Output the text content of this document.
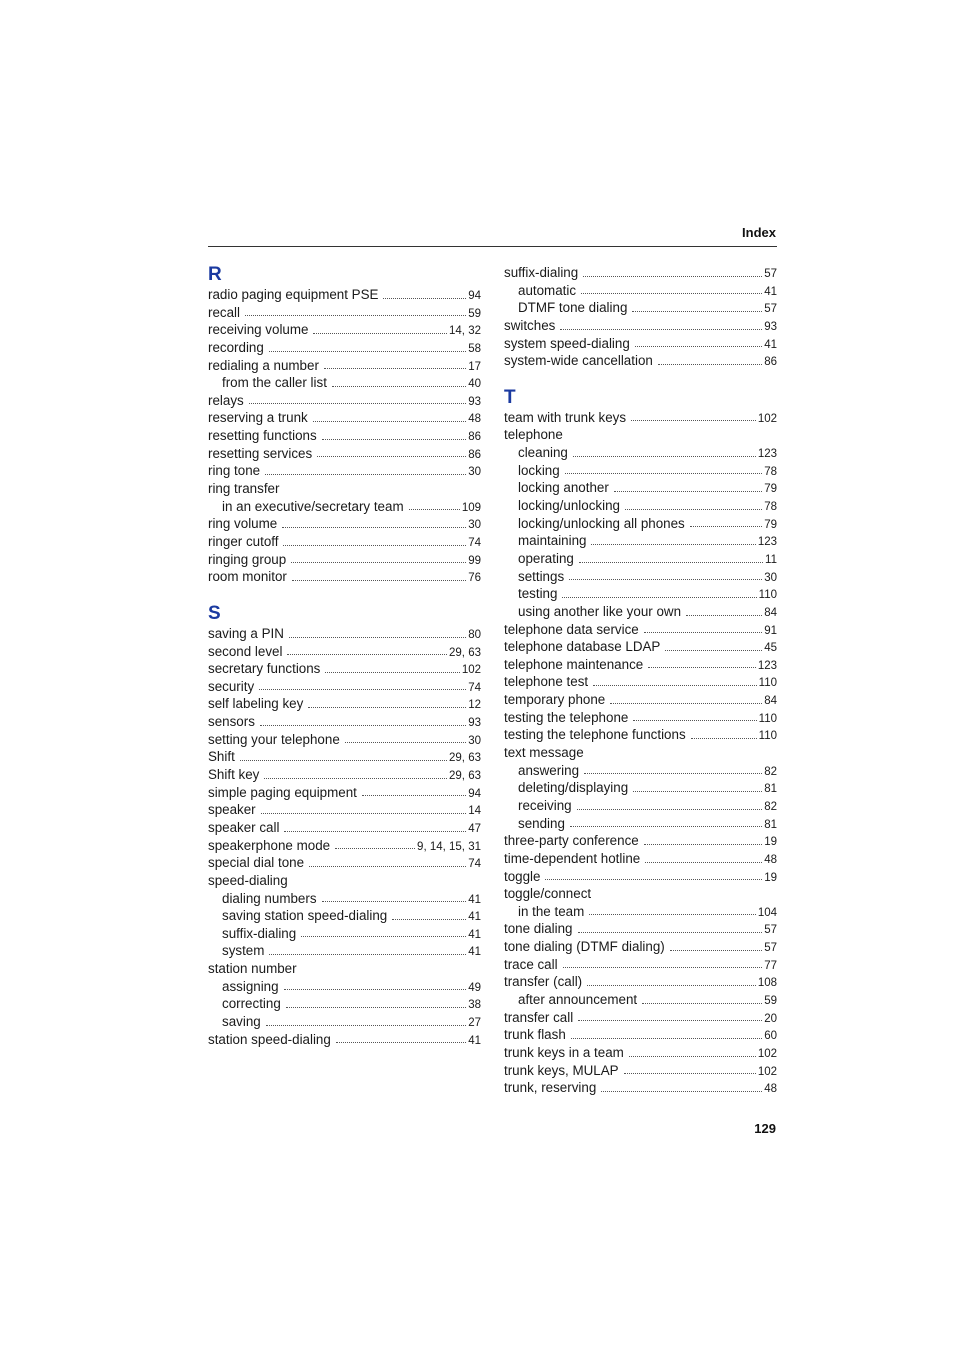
Index
R
radio paging equipment PSE	94
recall	59
receiving volume	14, 32
recording	58
redialing a number	17
from the caller list	40
relays	93
reserving a trunk	48
resetting functions	86
resetting services	86
ring tone	30
ring transfer
in an executive/secretary team	109
ring volume	30
ringer cutoff	74
ringing group	99
room monitor	76
S
saving a PIN	80
second level	29, 63
secretary functions	102
security	74
self labeling key	12
sensors	93
setting your telephone	30
Shift	29, 63
Shift key	29, 63
simple paging equipment	94
speaker	14
speaker call	47
speakerphone mode	9, 14, 15, 31
special dial tone	74
speed-dialing
dialing numbers	41
saving station speed-dialing	41
suffix-dialing	41
system	41
station number
assigning	49
correcting	38
saving	27
station speed-dialing	41
suffix-dialing	57
automatic	41
DTMF tone dialing	57
switches	93
system speed-dialing	41
system-wide cancellation	86
T
team with trunk keys	102
telephone
cleaning	123
locking	78
locking another	79
locking/unlocking	78
locking/unlocking all phones	79
maintaining	123
operating	11
settings	30
testing	110
using another like your own	84
telephone data service	91
telephone database LDAP	45
telephone maintenance	123
telephone test	110
temporary phone	84
testing the telephone	110
testing the telephone functions	110
text message
answering	82
deleting/displaying	81
receiving	82
sending	81
three-party conference	19
time-dependent hotline	48
toggle	19
toggle/connect
in the team	104
tone dialing	57
tone dialing (DTMF dialing)	57
trace call	77
transfer (call)	108
after announcement	59
transfer call	20
trunk flash	60
trunk keys in a team	102
trunk keys, MULAP	102
trunk, reserving	48
129
